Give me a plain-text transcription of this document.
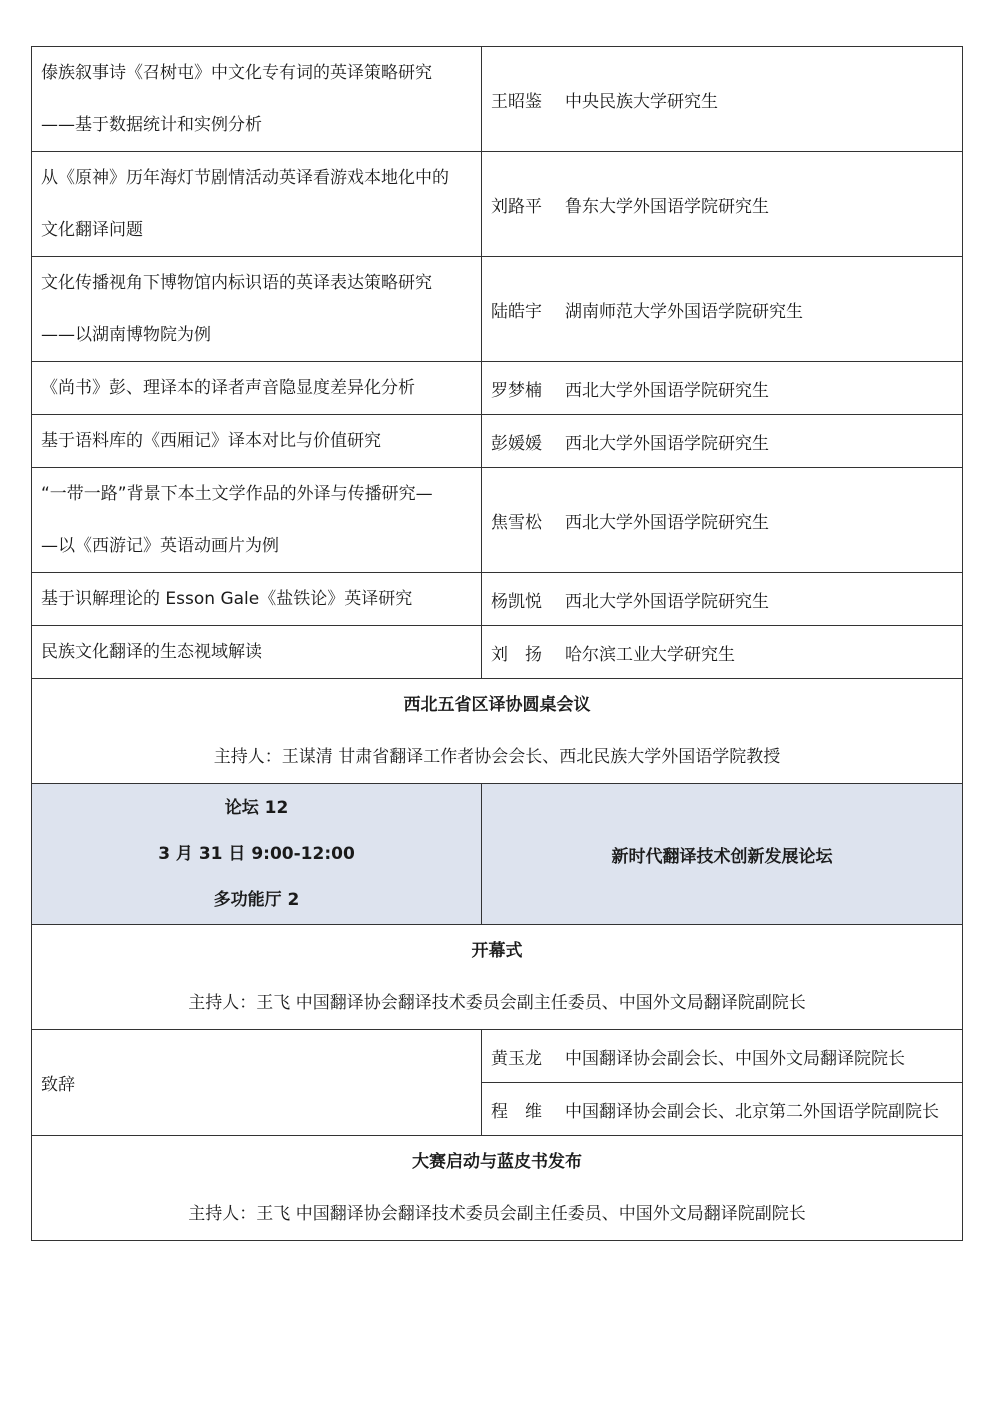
傣族叙事诗《召树屯》中文化专有词的英译策略研究
——基于数据统计和实例分析	王昭鉴 中央民族大学研究生

从《原神》历年海灯节剧情活动英译看游戏本地化中的
文化翻译问题	刘路平 鲁东大学外国语学院研究生

文化传播视角下博物馆内标识语的英译表达策略研究
——以湖南博物院为例	陆皓宇 湖南师范大学外国语学院研究生

《尚书》彭、理译本的译者声音隐显度差异化分析	罗梦楠 西北大学外国语学院研究生

基于语料库的《西厢记》译本对比与价值研究	彭媛媛 西北大学外国语学院研究生

“一带一路”背景下本土文学作品的外译与传播研究—
—以《西游记》英语动画片为例	焦雪松 西北大学外国语学院研究生

基于识解理论的 Esson Gale《盐铁论》英译研究	杨凯悦 西北大学外国语学院研究生

民族文化翻译的生态视域解读	刘　扬 哈尔滨工业大学研究生

西北五省区译协圆桌会议
主持人：王谋清 甘肃省翻译工作者协会会长、西北民族大学外国语学院教授	

论坛 12
3 月 31 日 9:00-12:00
多功能厅 2	新时代翻译技术创新发展论坛

开幕式
主持人：王飞 中国翻译协会翻译技术委员会副主任委员、中国外文局翻译院副院长	

致辞	黄玉龙 中国翻译协会副会长、中国外文局翻译院院长
	程　维 中国翻译协会副会长、北京第二外国语学院副院长

大赛启动与蓝皮书发布
主持人：王飞 中国翻译协会翻译技术委员会副主任委员、中国外文局翻译院副院长	
